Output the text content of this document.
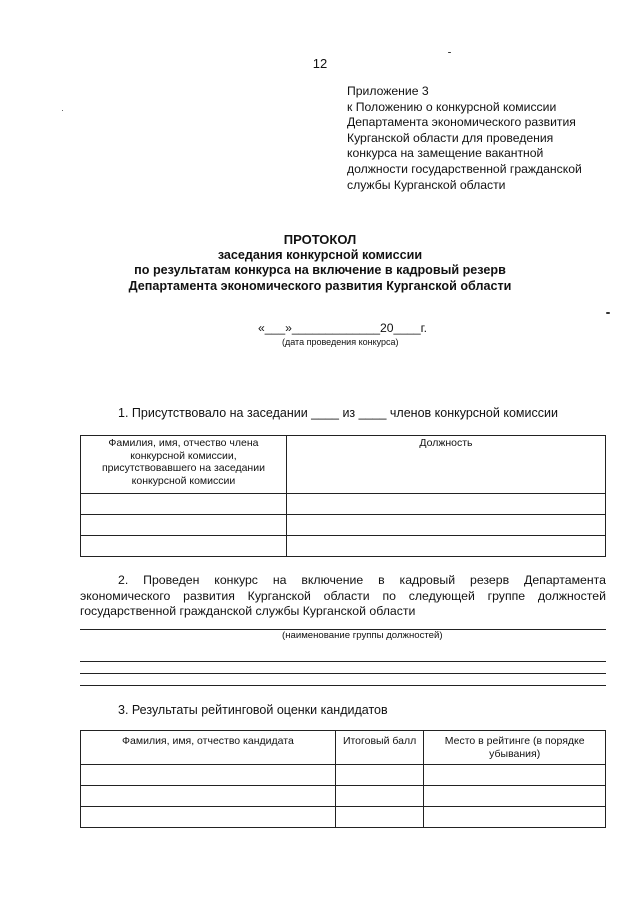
12
Приложение 3
к Положению о конкурсной комиссии
Департамента экономического развития
Курганской области для проведения
конкурса на замещение вакантной
должности государственной гражданской
службы Курганской области
ПРОТОКОЛ
заседания конкурсной комиссии
по результатам конкурса на включение в кадровый резерв
Департамента экономического развития Курганской области
«___»_____________20____г.
(дата проведения конкурса)
1. Присутствовало на заседании ____ из ____ членов конкурсной комиссии
Фамилия, имя, отчество члена конкурсной комиссии, присутствовавшего на заседании конкурсной комиссии	Должность

2. Проведен конкурс на включение в кадровый резерв Департамента экономического развития Курганской области по следующей группе должностей государственной гражданской службы Курганской области
(наименование группы должностей)
3. Результаты рейтинговой оценки кандидатов
Фамилия, имя, отчество кандидата	Итоговый балл	Место в рейтинге (в порядке убывания)
